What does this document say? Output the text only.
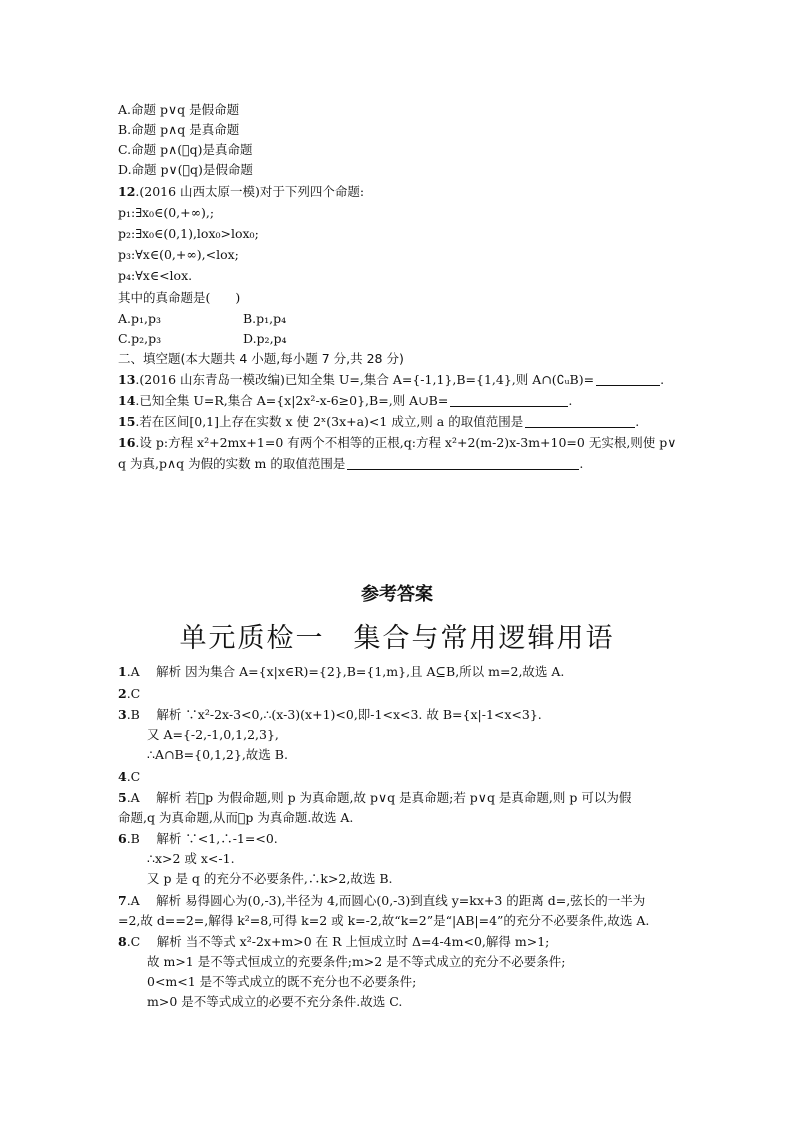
A.命题 p∨q 是假命题
B.命题 p∧q 是真命题
C.命题 p∧(􀱑q)是真命题
D.命题 p∨(􀱑q)是假命题
12.(2016 山西太原一模)对于下列四个命题:
p₁:∃x₀∈(0,+∞),;
p₂:∃x₀∈(0,1),lox₀>lox₀;
p₃:∀x∈(0,+∞),<lox;
p₄:∀x∈<lox.
其中的真命题是(　　)
A.p₁,p₃	B.p₁,p₄
C.p₂,p₃	D.p₂,p₄
二、填空题(本大题共 4 小题,每小题 7 分,共 28 分)
13.(2016 山东青岛一模改编)已知全集 U=,集合 A={-1,1},B={1,4},则 A∩(∁ᵤB)=	.
14.已知全集 U=R,集合 A={x|2x²-x-6≥0},B=,则 A∪B=	.
15.若在区间[0,1]上存在实数 x 使 2ˣ(3x+a)<1 成立,则 a 的取值范围是	.
16.设 p:方程 x²+2mx+1=0 有两个不相等的正根,q:方程 x²+2(m-2)x-3m+10=0 无实根,则使 p∨
q 为真,p∧q 为假的实数 m 的取值范围是	.
参考答案
单元质检一　集合与常用逻辑用语
1.A　 解析 因为集合 A={x|x∈R)={2},B={1,m},且 A⊆B,所以 m=2,故选 A.
2.C
3.B　 解析 ∵x²-2x-3<0,∴(x-3)(x+1)<0,即-1<x<3. 故 B={x|-1<x<3}.
又 A={-2,-1,0,1,2,3},
∴A∩B={0,1,2},故选 B.
4.C
5.A　 解析 若􀱑p 为假命题,则 p 为真命题,故 p∨q 是真命题;若 p∨q 是真命题,则 p 可以为假
命题,q 为真命题,从而􀱑p 为真命题.故选 A.
6.B　 解析 ∵<1,∴-1=<0.
∴x>2 或 x<-1.
又 p 是 q 的充分不必要条件,∴k>2,故选 B.
7.A　 解析 易得圆心为(0,-3),半径为 4,而圆心(0,-3)到直线 y=kx+3 的距离 d=,弦长的一半为
=2,故 d==2=,解得 k²=8,可得 k=2 或 k=-2,故“k=2”是“|AB|=4”的充分不必要条件,故选 A.
8.C　 解析 当不等式 x²-2x+m>0 在 R 上恒成立时 Δ=4-4m<0,解得 m>1;
故 m>1 是不等式恒成立的充要条件;m>2 是不等式成立的充分不必要条件;
0<m<1 是不等式成立的既不充分也不必要条件;
m>0 是不等式成立的必要不充分条件.故选 C.
